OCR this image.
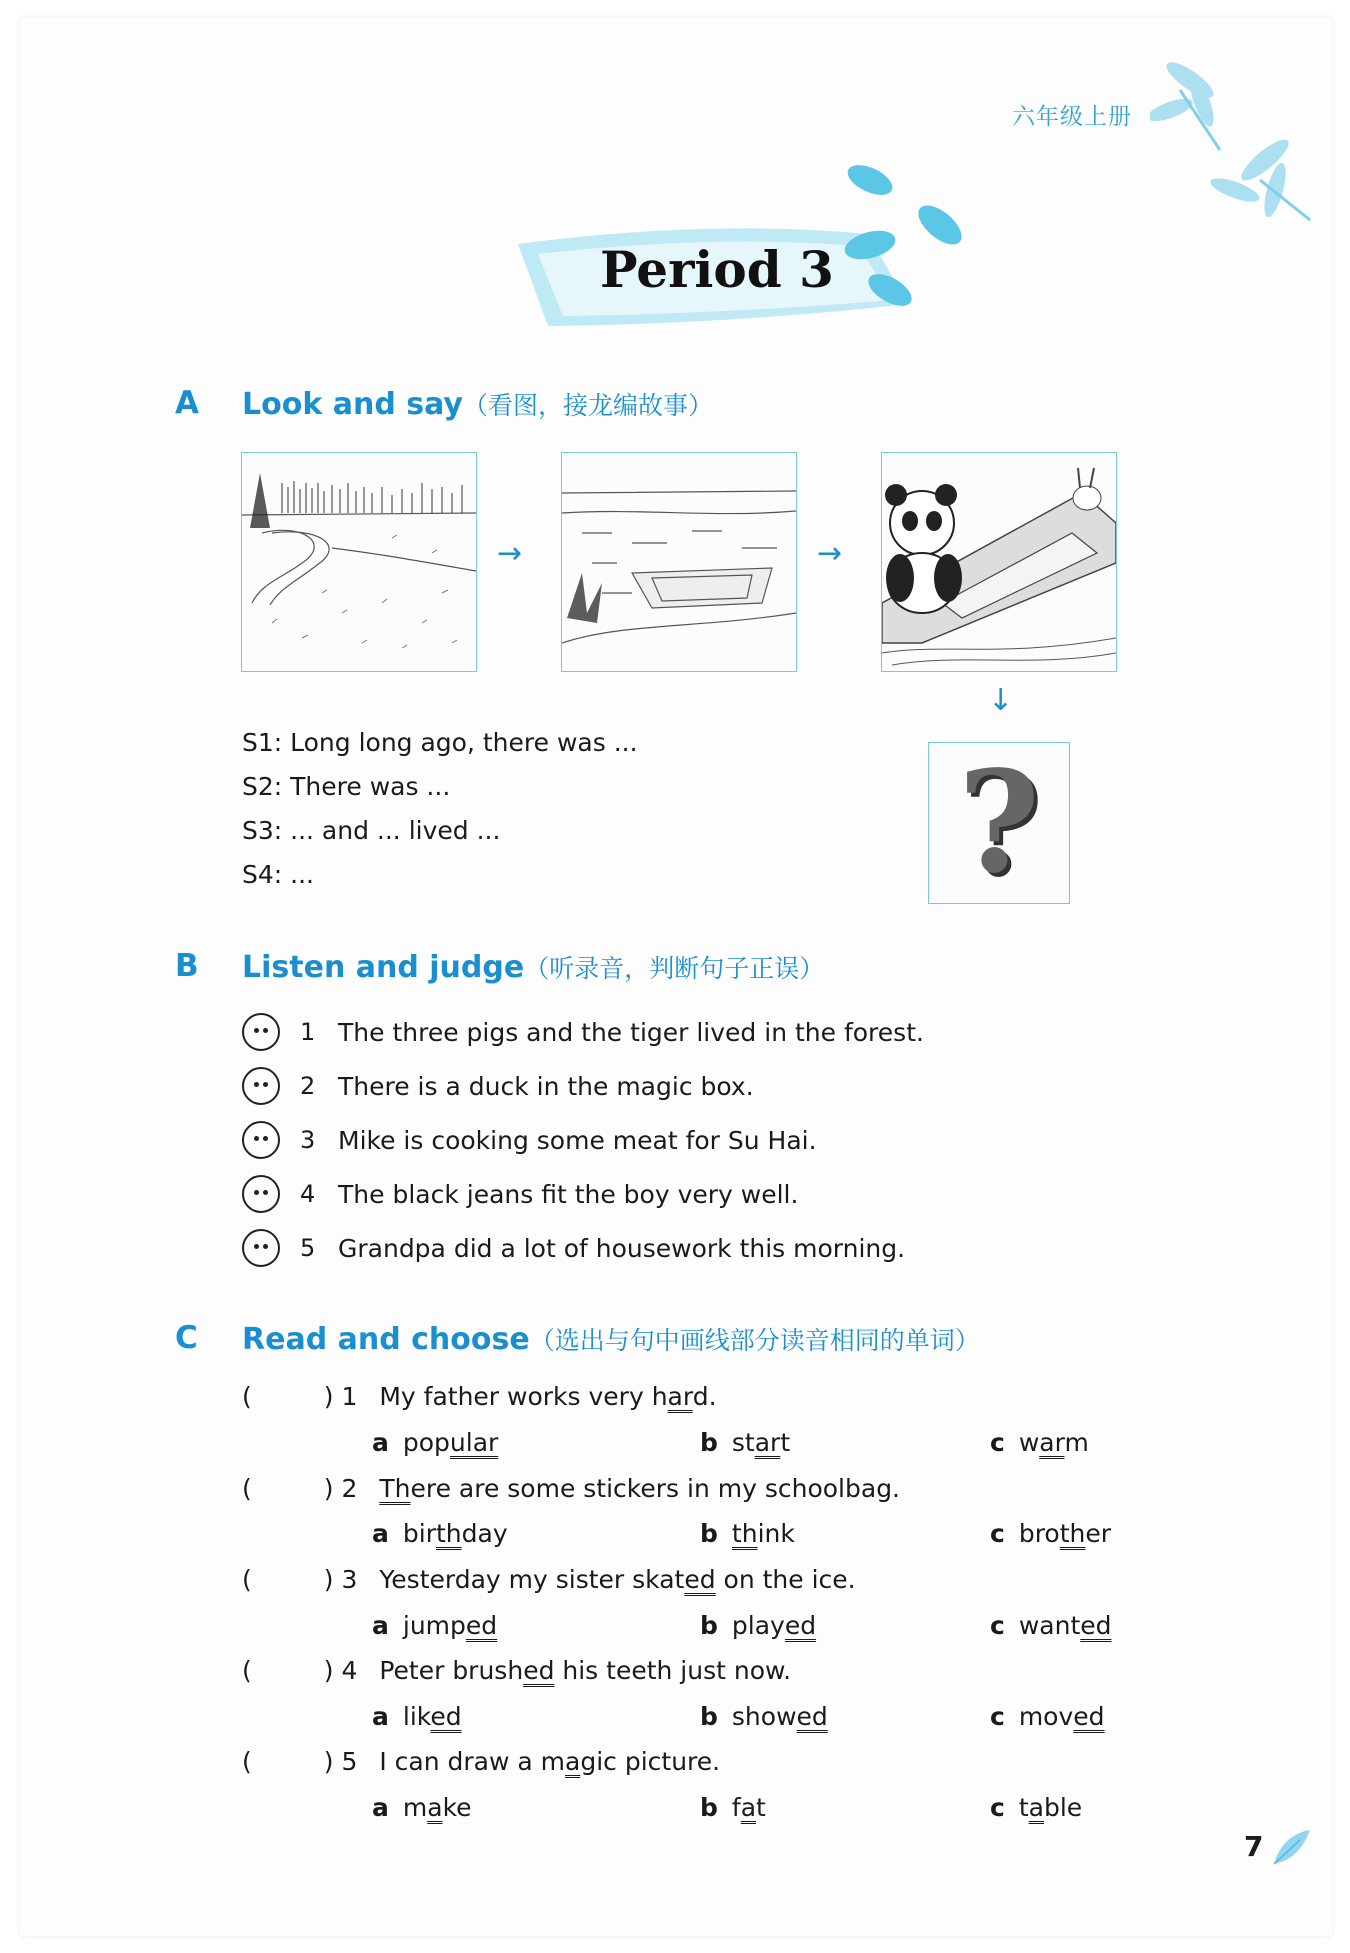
六年级上册
Period 3
A Look and say（看图，接龙编故事）
→	→
↓
?
S1: Long long ago, there was ...
S2: There was ...
S3: ... and ... lived ...
S4: ...
B Listen and judge（听录音，判断句子正误）
1 The three pigs and the tiger lived in the forest.
2 There is a duck in the magic box.
3 Mike is cooking some meat for Su Hai.
4 The black jeans fit the boy very well.
5 Grandpa did a lot of housework this morning.
C Read and choose（选出与句中画线部分读音相同的单词）
(	) 1 My father works very hard.
a popular	b start	c warm
(	) 2 There are some stickers in my schoolbag.
a birthday	b think	c brother
(	) 3 Yesterday my sister skated on the ice.
a jumped	b played	c wanted
(	) 4 Peter brushed his teeth just now.
a liked	b showed	c moved
(	) 5 I can draw a magic picture.
a make	b fat	c table
7
